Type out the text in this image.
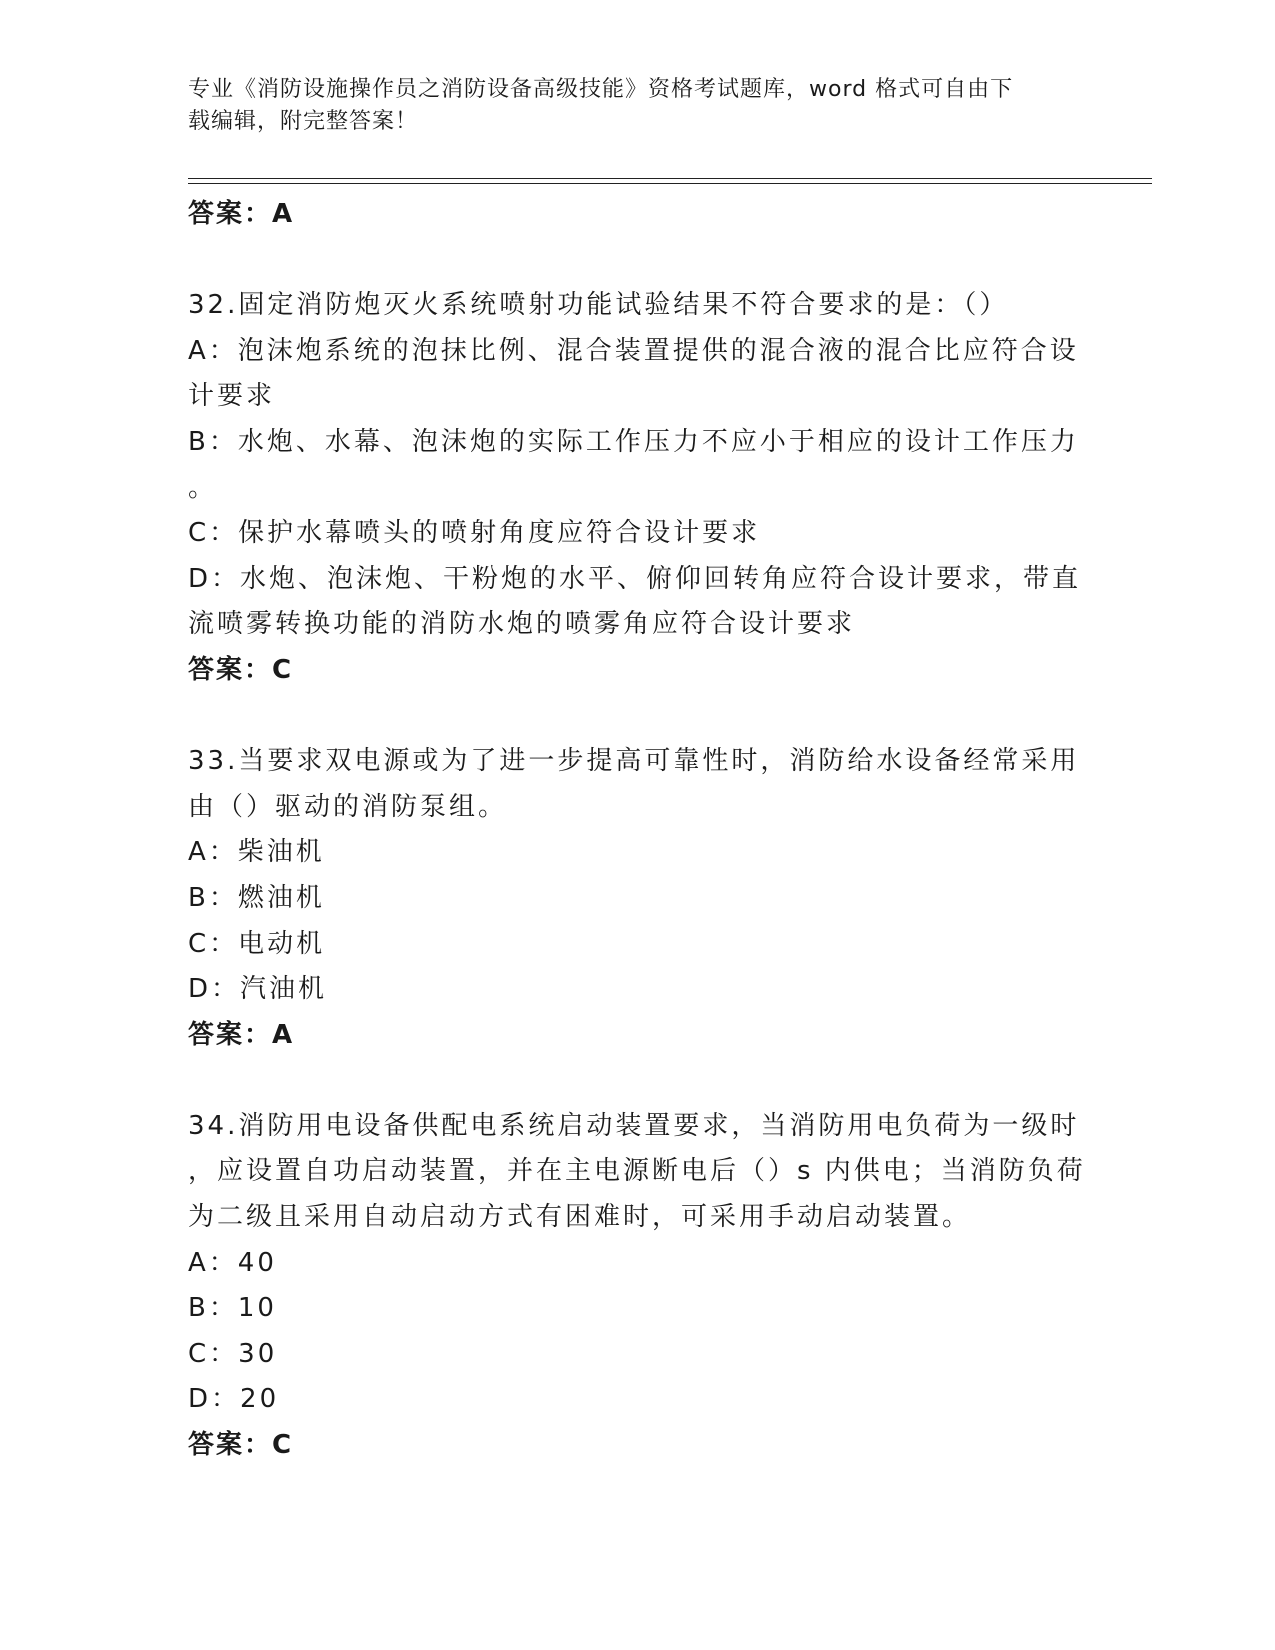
专业《消防设施操作员之消防设备高级技能》资格考试题库，word 格式可自由下
载编辑，附完整答案！
答案：A
32.固定消防炮灭火系统喷射功能试验结果不符合要求的是：（）
A：泡沫炮系统的泡抹比例、混合装置提供的混合液的混合比应符合设
计要求
B：水炮、水幕、泡沫炮的实际工作压力不应小于相应的设计工作压力
。
C：保护水幕喷头的喷射角度应符合设计要求
D：水炮、泡沫炮、干粉炮的水平、俯仰回转角应符合设计要求，带直
流喷雾转换功能的消防水炮的喷雾角应符合设计要求
答案：C
33.当要求双电源或为了进一步提高可靠性时，消防给水设备经常采用
由（）驱动的消防泵组。
A：柴油机
B：燃油机
C：电动机
D：汽油机
答案：A
34.消防用电设备供配电系统启动装置要求，当消防用电负荷为一级时
，应设置自功启动装置，并在主电源断电后（）s 内供电；当消防负荷
为二级且采用自动启动方式有困难时，可采用手动启动装置。
A：40
B：10
C：30
D：20
答案：C
